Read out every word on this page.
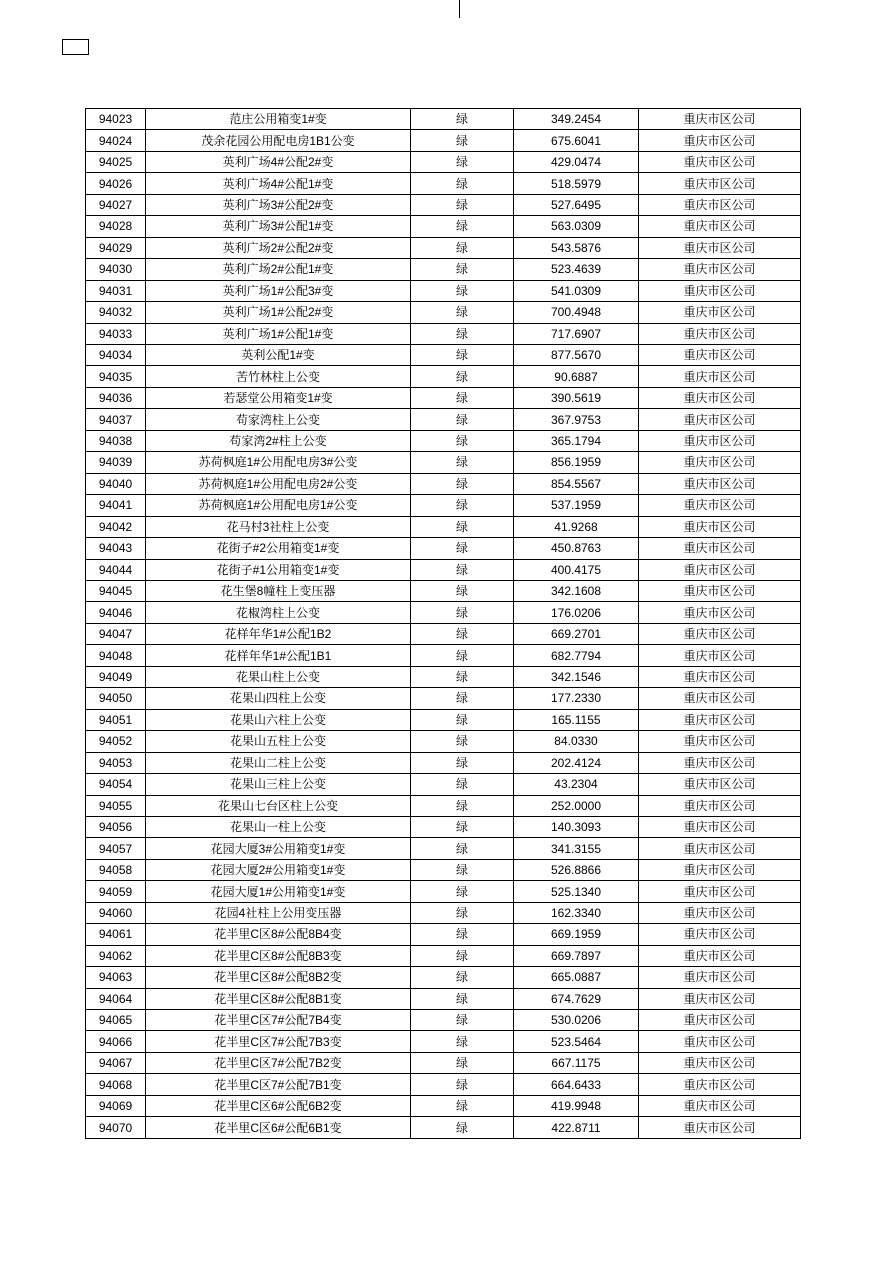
94023	范庄公用箱变1#变	绿	349.2454	重庆市区公司
94024	茂余花园公用配电房1B1公变	绿	675.6041	重庆市区公司
94025	英利广场4#公配2#变	绿	429.0474	重庆市区公司
94026	英利广场4#公配1#变	绿	518.5979	重庆市区公司
94027	英利广场3#公配2#变	绿	527.6495	重庆市区公司
94028	英利广场3#公配1#变	绿	563.0309	重庆市区公司
94029	英利广场2#公配2#变	绿	543.5876	重庆市区公司
94030	英利广场2#公配1#变	绿	523.4639	重庆市区公司
94031	英利广场1#公配3#变	绿	541.0309	重庆市区公司
94032	英利广场1#公配2#变	绿	700.4948	重庆市区公司
94033	英利广场1#公配1#变	绿	717.6907	重庆市区公司
94034	英利公配1#变	绿	877.5670	重庆市区公司
94035	苦竹林柱上公变	绿	90.6887	重庆市区公司
94036	若瑟堂公用箱变1#变	绿	390.5619	重庆市区公司
94037	苟家湾柱上公变	绿	367.9753	重庆市区公司
94038	苟家湾2#柱上公变	绿	365.1794	重庆市区公司
94039	苏荷枫庭1#公用配电房3#公变	绿	856.1959	重庆市区公司
94040	苏荷枫庭1#公用配电房2#公变	绿	854.5567	重庆市区公司
94041	苏荷枫庭1#公用配电房1#公变	绿	537.1959	重庆市区公司
94042	花马村3社柱上公变	绿	41.9268	重庆市区公司
94043	花街子#2公用箱变1#变	绿	450.8763	重庆市区公司
94044	花街子#1公用箱变1#变	绿	400.4175	重庆市区公司
94045	花生堡8幢柱上变压器	绿	342.1608	重庆市区公司
94046	花椒湾柱上公变	绿	176.0206	重庆市区公司
94047	花样年华1#公配1B2	绿	669.2701	重庆市区公司
94048	花样年华1#公配1B1	绿	682.7794	重庆市区公司
94049	花果山柱上公变	绿	342.1546	重庆市区公司
94050	花果山四柱上公变	绿	177.2330	重庆市区公司
94051	花果山六柱上公变	绿	165.1155	重庆市区公司
94052	花果山五柱上公变	绿	84.0330	重庆市区公司
94053	花果山二柱上公变	绿	202.4124	重庆市区公司
94054	花果山三柱上公变	绿	43.2304	重庆市区公司
94055	花果山七台区柱上公变	绿	252.0000	重庆市区公司
94056	花果山一柱上公变	绿	140.3093	重庆市区公司
94057	花园大厦3#公用箱变1#变	绿	341.3155	重庆市区公司
94058	花园大厦2#公用箱变1#变	绿	526.8866	重庆市区公司
94059	花园大厦1#公用箱变1#变	绿	525.1340	重庆市区公司
94060	花园4社柱上公用变压器	绿	162.3340	重庆市区公司
94061	花半里C区8#公配8B4变	绿	669.1959	重庆市区公司
94062	花半里C区8#公配8B3变	绿	669.7897	重庆市区公司
94063	花半里C区8#公配8B2变	绿	665.0887	重庆市区公司
94064	花半里C区8#公配8B1变	绿	674.7629	重庆市区公司
94065	花半里C区7#公配7B4变	绿	530.0206	重庆市区公司
94066	花半里C区7#公配7B3变	绿	523.5464	重庆市区公司
94067	花半里C区7#公配7B2变	绿	667.1175	重庆市区公司
94068	花半里C区7#公配7B1变	绿	664.6433	重庆市区公司
94069	花半里C区6#公配6B2变	绿	419.9948	重庆市区公司
94070	花半里C区6#公配6B1变	绿	422.8711	重庆市区公司
